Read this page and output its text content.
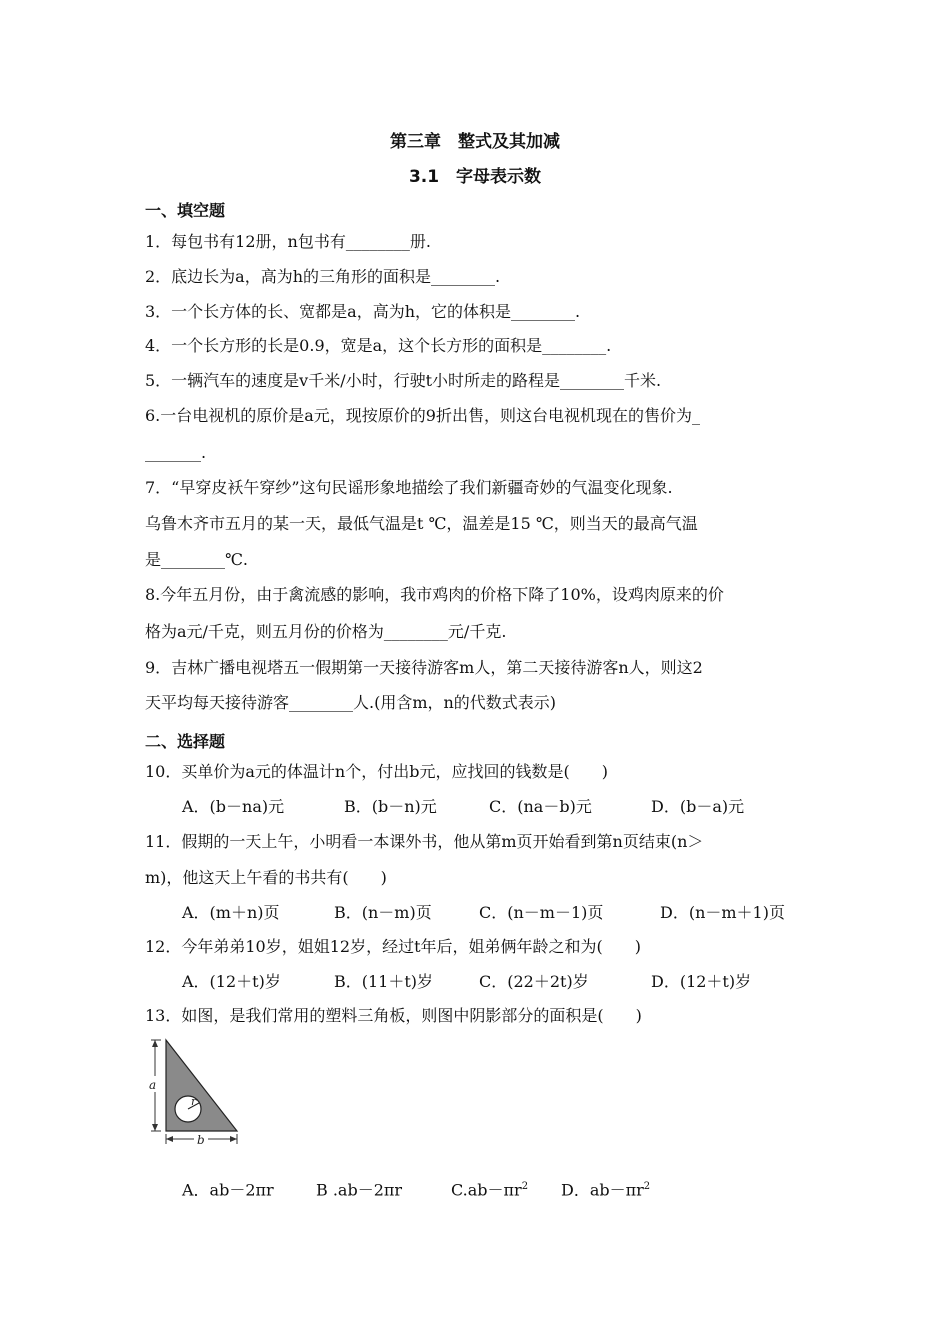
第三章　整式及其加减
3.1　字母表示数
一、填空题
1．每包书有12册，n包书有________册.
2．底边长为a，高为h的三角形的面积是________.
3．一个长方体的长、宽都是a，高为h，它的体积是________.
4．一个长方形的长是0.9，宽是a，这个长方形的面积是________.
5．一辆汽车的速度是v千米/小时，行驶t小时所走的路程是________千米.
6.一台电视机的原价是a元，现按原价的9折出售，则这台电视机现在的售价为_
_______.
7．“早穿皮袄午穿纱”这句民谣形象地描绘了我们新疆奇妙的气温变化现象.
乌鲁木齐市五月的某一天，最低气温是t ℃，温差是15 ℃，则当天的最高气温
是________℃.
8.今年五月份，由于禽流感的影响，我市鸡肉的价格下降了10%，设鸡肉原来的价
格为a元/千克，则五月份的价格为________元/千克.
9．吉林广播电视塔五一假期第一天接待游客m人，第二天接待游客n人，则这2
天平均每天接待游客________人.(用含m，n的代数式表示)
二、选择题
10．买单价为a元的体温计n个，付出b元，应找回的钱数是(　　)
A．(b－na)元	B．(b－n)元	C．(na－b)元	D．(b－a)元
11．假期的一天上午，小明看一本课外书，他从第m页开始看到第n页结束(n＞
m)，他这天上午看的书共有(　　)
A．(m＋n)页	B．(n－m)页	C．(n－m－1)页	D．(n－m＋1)页
12．今年弟弟10岁，姐姐12岁，经过t年后，姐弟俩年龄之和为(　　)
A．(12＋t)岁	B．(11＋t)岁	C．(22＋2t)岁	D．(12＋t)岁
13．如图，是我们常用的塑料三角板，则图中阴影部分的面积是(　　)
a
r
b
A．ab－2πr	B .ab－2πr	$C.ab-\pi r^2$ D．$ab-\pi r^2$
